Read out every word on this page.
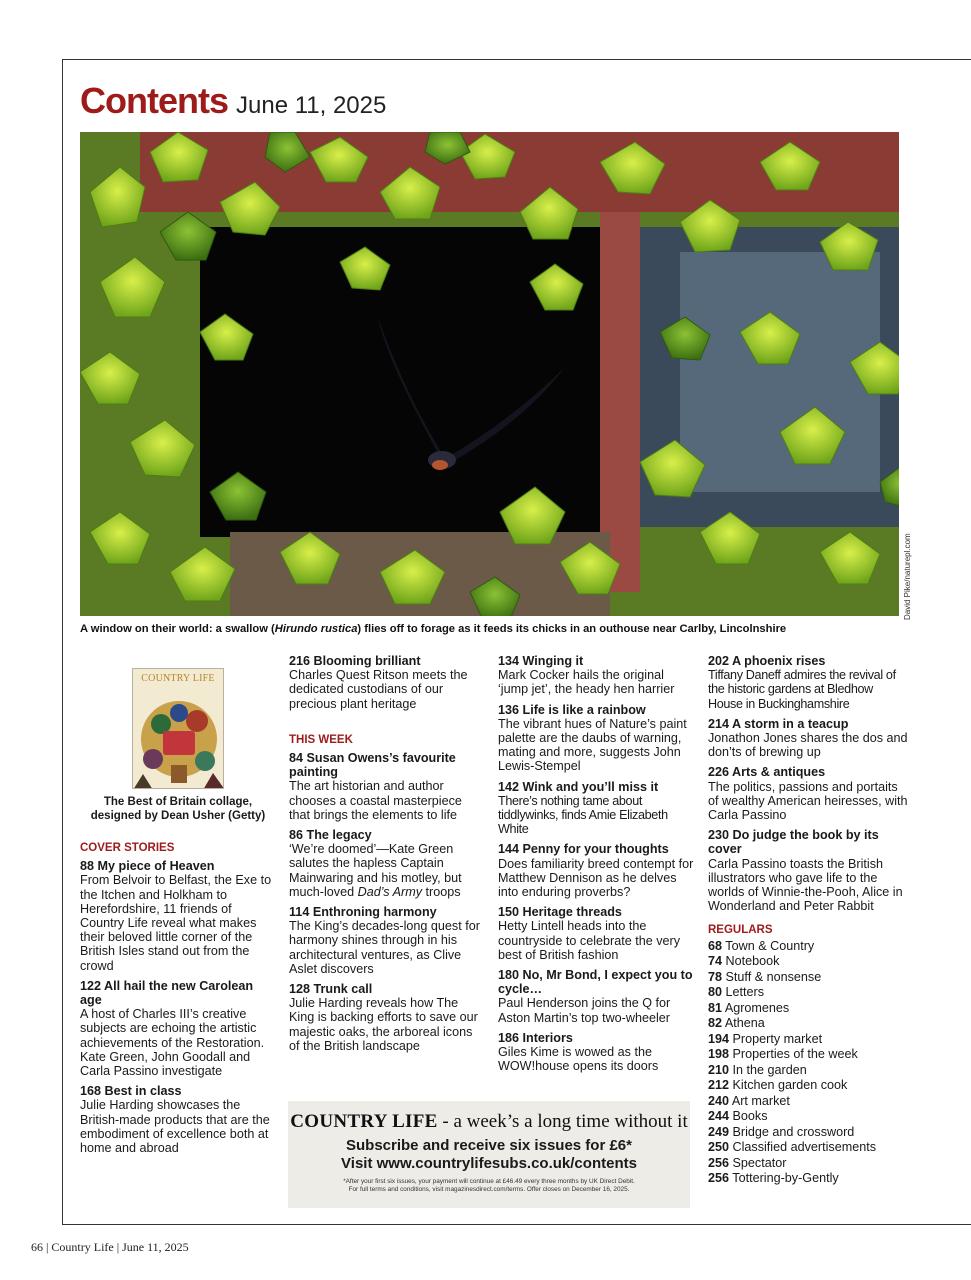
Contents June 11, 2025
David Pike/naturepl.com
A window on their world: a swallow (Hirundo rustica) flies off to forage as it feeds its chicks in an outhouse near Carlby, Lincolnshire
COUNTRY LIFE
The Best of Britain collage, designed by Dean Usher (Getty)
COVER STORIES
88 My piece of Heaven
From Belvoir to Belfast, the Exe to the Itchen and Holkham to Herefordshire, 11 friends of Country Life reveal what makes their beloved little corner of the British Isles stand out from the crowd
122 All hail the new Carolean age
A host of Charles III’s creative subjects are echoing the artistic achievements of the Restoration. Kate Green, John Goodall and Carla Passino investigate
168 Best in class
Julie Harding showcases the British-made products that are the embodiment of excellence both at home and abroad
216 Blooming brilliant
Charles Quest Ritson meets the dedicated custodians of our precious plant heritage
THIS WEEK
84 Susan Owens’s favourite painting
The art historian and author chooses a coastal masterpiece that brings the elements to life
86 The legacy
‘We’re doomed’—Kate Green salutes the hapless Captain Mainwaring and his motley, but much-loved Dad’s Army troops
114 Enthroning harmony
The King’s decades-long quest for harmony shines through in his architectural ventures, as Clive Aslet discovers
128 Trunk call
Julie Harding reveals how The King is backing efforts to save our majestic oaks, the arboreal icons of the British landscape
134 Winging it
Mark Cocker hails the original ‘jump jet’, the heady hen harrier
136 Life is like a rainbow
The vibrant hues of Nature’s paint palette are the daubs of warning, mating and more, suggests John Lewis-Stempel
142 Wink and you’ll miss it
There’s nothing tame about tiddlywinks, finds Amie Elizabeth White
144 Penny for your thoughts
Does familiarity breed contempt for Matthew Dennison as he delves into enduring proverbs?
150 Heritage threads
Hetty Lintell heads into the countryside to celebrate the very best of British fashion
180 No, Mr Bond, I expect you to cycle…
Paul Henderson joins the Q for Aston Martin’s top two-wheeler
186 Interiors
Giles Kime is wowed as the WOW!house opens its doors
202 A phoenix rises
Tiffany Daneff admires the revival of the historic gardens at Bledhow House in Buckinghamshire
214 A storm in a teacup
Jonathon Jones shares the dos and don’ts of brewing up
226 Arts & antiques
The politics, passions and portaits of wealthy American heiresses, with Carla Passino
230 Do judge the book by its cover
Carla Passino toasts the British illustrators who gave life to the worlds of Winnie-the-Pooh, Alice in Wonderland and Peter Rabbit
REGULARS
68 Town & Country
74 Notebook
78 Stuff & nonsense
80 Letters
81 Agromenes
82 Athena
194 Property market
198 Properties of the week
210 In the garden
212 Kitchen garden cook
240 Art market
244 Books
249 Bridge and crossword
250 Classified advertisements
256 Spectator
256 Tottering-by-Gently
COUNTRY LIFE - a week’s a long time without it
Subscribe and receive six issues for £6*
Visit www.countrylifesubs.co.uk/contents
*After your first six issues, your payment will continue at £46.49 every three months by UK Direct Debit.
For full terms and conditions, visit magazinesdirect.com/terms. Offer closes on December 16, 2025.
66 | Country Life | June 11, 2025
